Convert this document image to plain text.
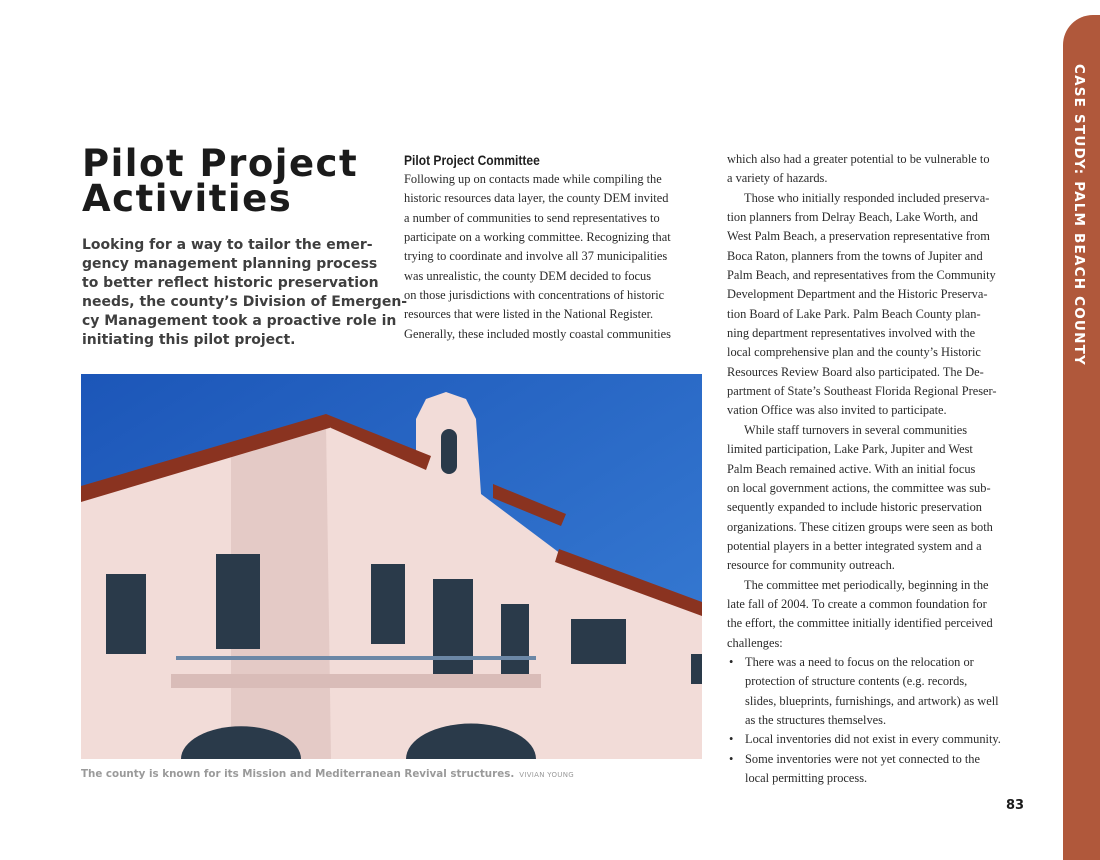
CASE STUDY: PALM BEACH COUNTY
Pilot Project
Activities

Looking for a way to tailor the emer-
gency management planning process
to better reflect historic preservation
needs, the county’s Division of Emergen-
cy Management took a proactive role in
initiating this pilot project.

Pilot Project Committee

Following up on contacts made while compiling the
historic resources data layer, the county DEM invited
a number of communities to send representatives to
participate on a working committee. Recognizing that
trying to coordinate and involve all 37 municipalities
was unrealistic, the county DEM decided to focus
on those jurisdictions with concentrations of historic
resources that were listed in the National Register.
Generally, these included mostly coastal communities

which also had a greater potential to be vulnerable to
a variety of hazards.

Those who initially responded included preserva-
tion planners from Delray Beach, Lake Worth, and
West Palm Beach, a preservation representative from
Boca Raton, planners from the towns of Jupiter and
Palm Beach, and representatives from the Community
Development Department and the Historic Preserva-
tion Board of Lake Park. Palm Beach County plan-
ning department representatives involved with the
local comprehensive plan and the county’s Historic
Resources Review Board also participated. The De-
partment of State’s Southeast Florida Regional Preser-
vation Office was also invited to participate.

While staff turnovers in several communities
limited participation, Lake Park, Jupiter and West
Palm Beach remained active. With an initial focus
on local government actions, the committee was sub-
sequently expanded to include historic preservation
organizations. These citizen groups were seen as both
potential players in a better integrated system and a
resource for community outreach.

The committee met periodically, beginning in the
late fall of 2004. To create a common foundation for
the effort, the committee initially identified perceived
challenges:

• There was a need to focus on the relocation or
protection of structure contents (e.g. records,
slides, blueprints, furnishings, and artwork) as well
as the structures themselves.
• Local inventories did not exist in every community.
• Some inventories were not yet connected to the
local permitting process.

The county is known for its Mission and Mediterranean Revival structures. VIVIAN YOUNG

83
